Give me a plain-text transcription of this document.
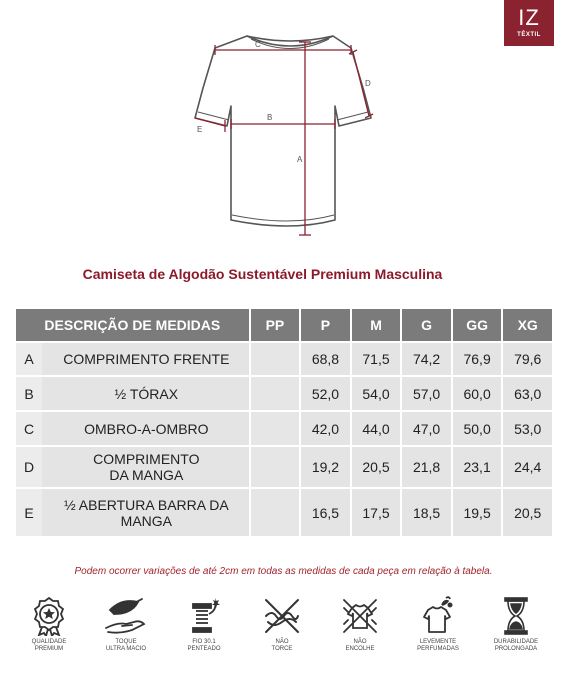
IZ
TÊXTIL
C
D
B
E
A
Camiseta de Algodão Sustentável Premium Masculina
DESCRIÇÃO DE MEDIDAS	PP	P	M	G	GG	XG

A COMPRIMENTO FRENTE		68,8	71,5	74,2	76,9	79,6

B ½ TÓRAX		52,0	54,0	57,0	60,0	63,0

C OMBRO-A-OMBRO		42,0	44,0	47,0	50,0	53,0

D COMPRIMENTO DA MANGA		19,2	20,5	21,8	23,1	24,4

E ½ ABERTURA BARRA DA MANGA		16,5	17,5	18,5	19,5	20,5
Podem ocorrer variações de até 2cm em todas as medidas de cada peça em relação à tabela.
QUALIDADE
PREMIUM
TOQUE
ULTRA MACIO
FIO 30.1
PENTEADO
NÃO
TORCE
NÃO
ENCOLHE
LEVEMENTE
PERFUMADAS
DURABILIDADE
PROLONGADA
